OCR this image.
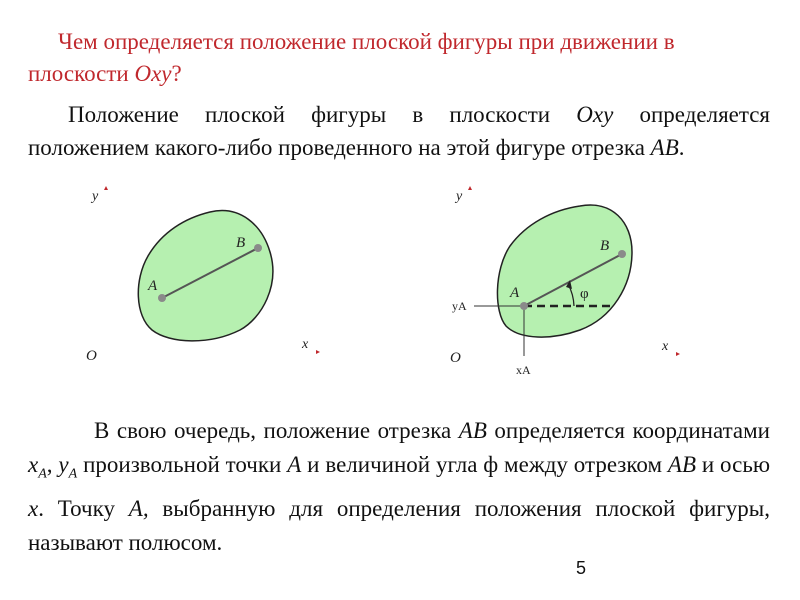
Чем определяется положение плоской фигуры при движении в плоскости Oxy?

Положение плоской фигуры в плоскости Oxy определяется положением какого-либо проведенного на этой фигуре отрезка AB.

y
A
B
x
O
y
A
B
φ
yA
xA
x
O

В свою очередь, положение отрезка AB определяется координатами $x_A$, $y_A$ произвольной точки A и величиной угла ф между отрезком AB и осью x. Точку A, выбранную для определения положения плоской фигуры, называют полюсом.

5
